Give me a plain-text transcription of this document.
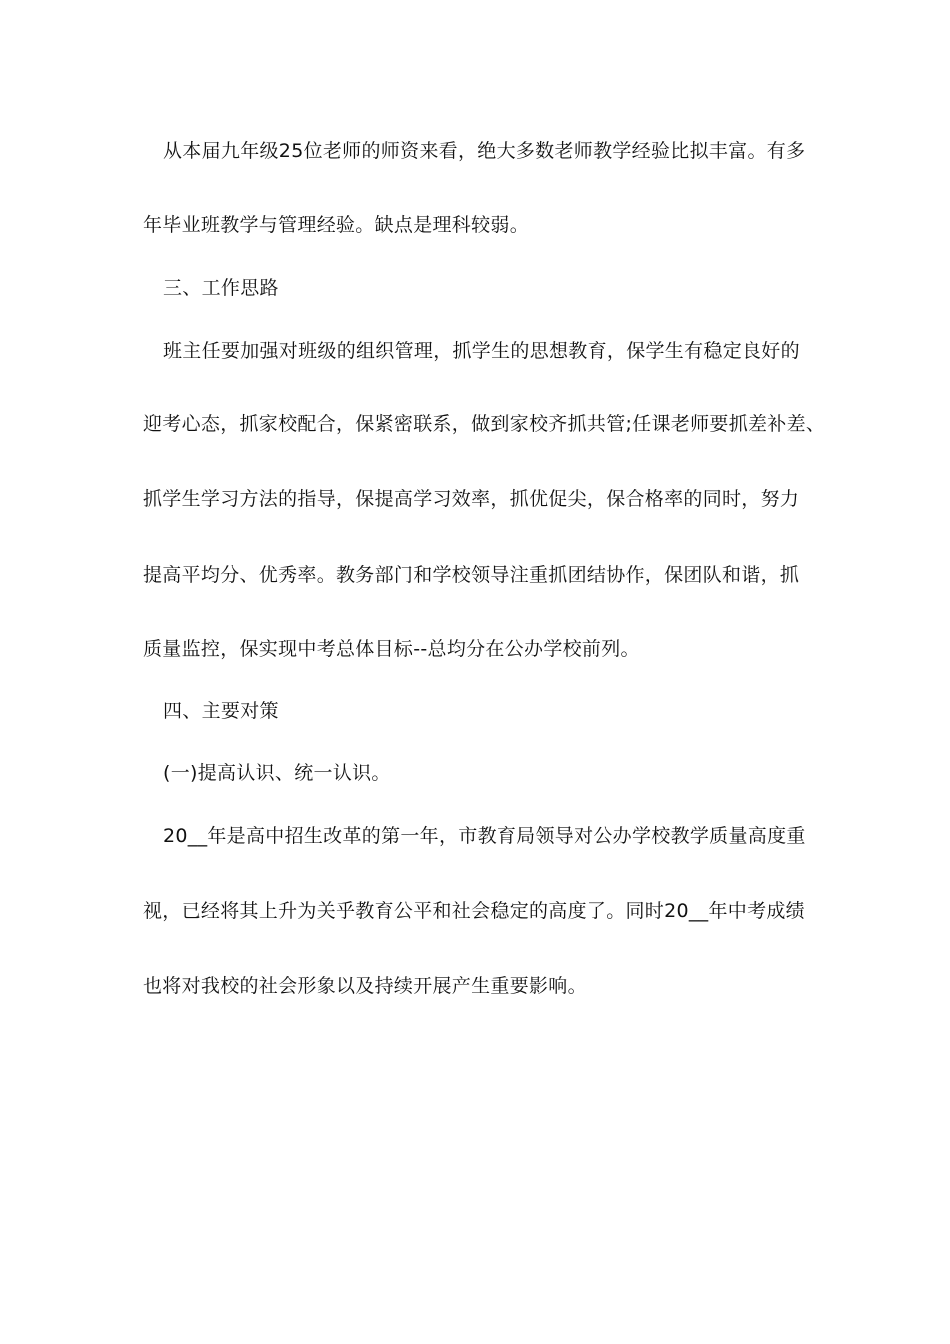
从本届九年级25位老师的师资来看，绝大多数老师教学经验比拟丰富。有多
年毕业班教学与管理经验。缺点是理科较弱。
三、工作思路
班主任要加强对班级的组织管理，抓学生的思想教育，保学生有稳定良好的
迎考心态，抓家校配合，保紧密联系，做到家校齐抓共管;任课老师要抓差补差、
抓学生学习方法的指导，保提高学习效率，抓优促尖，保合格率的同时，努力
提高平均分、优秀率。教务部门和学校领导注重抓团结协作，保团队和谐，抓
质量监控，保实现中考总体目标--总均分在公办学校前列。
四、主要对策
(一)提高认识、统一认识。
20__年是高中招生改革的第一年，市教育局领导对公办学校教学质量高度重
视，已经将其上升为关乎教育公平和社会稳定的高度了。同时20__年中考成绩
也将对我校的社会形象以及持续开展产生重要影响。
